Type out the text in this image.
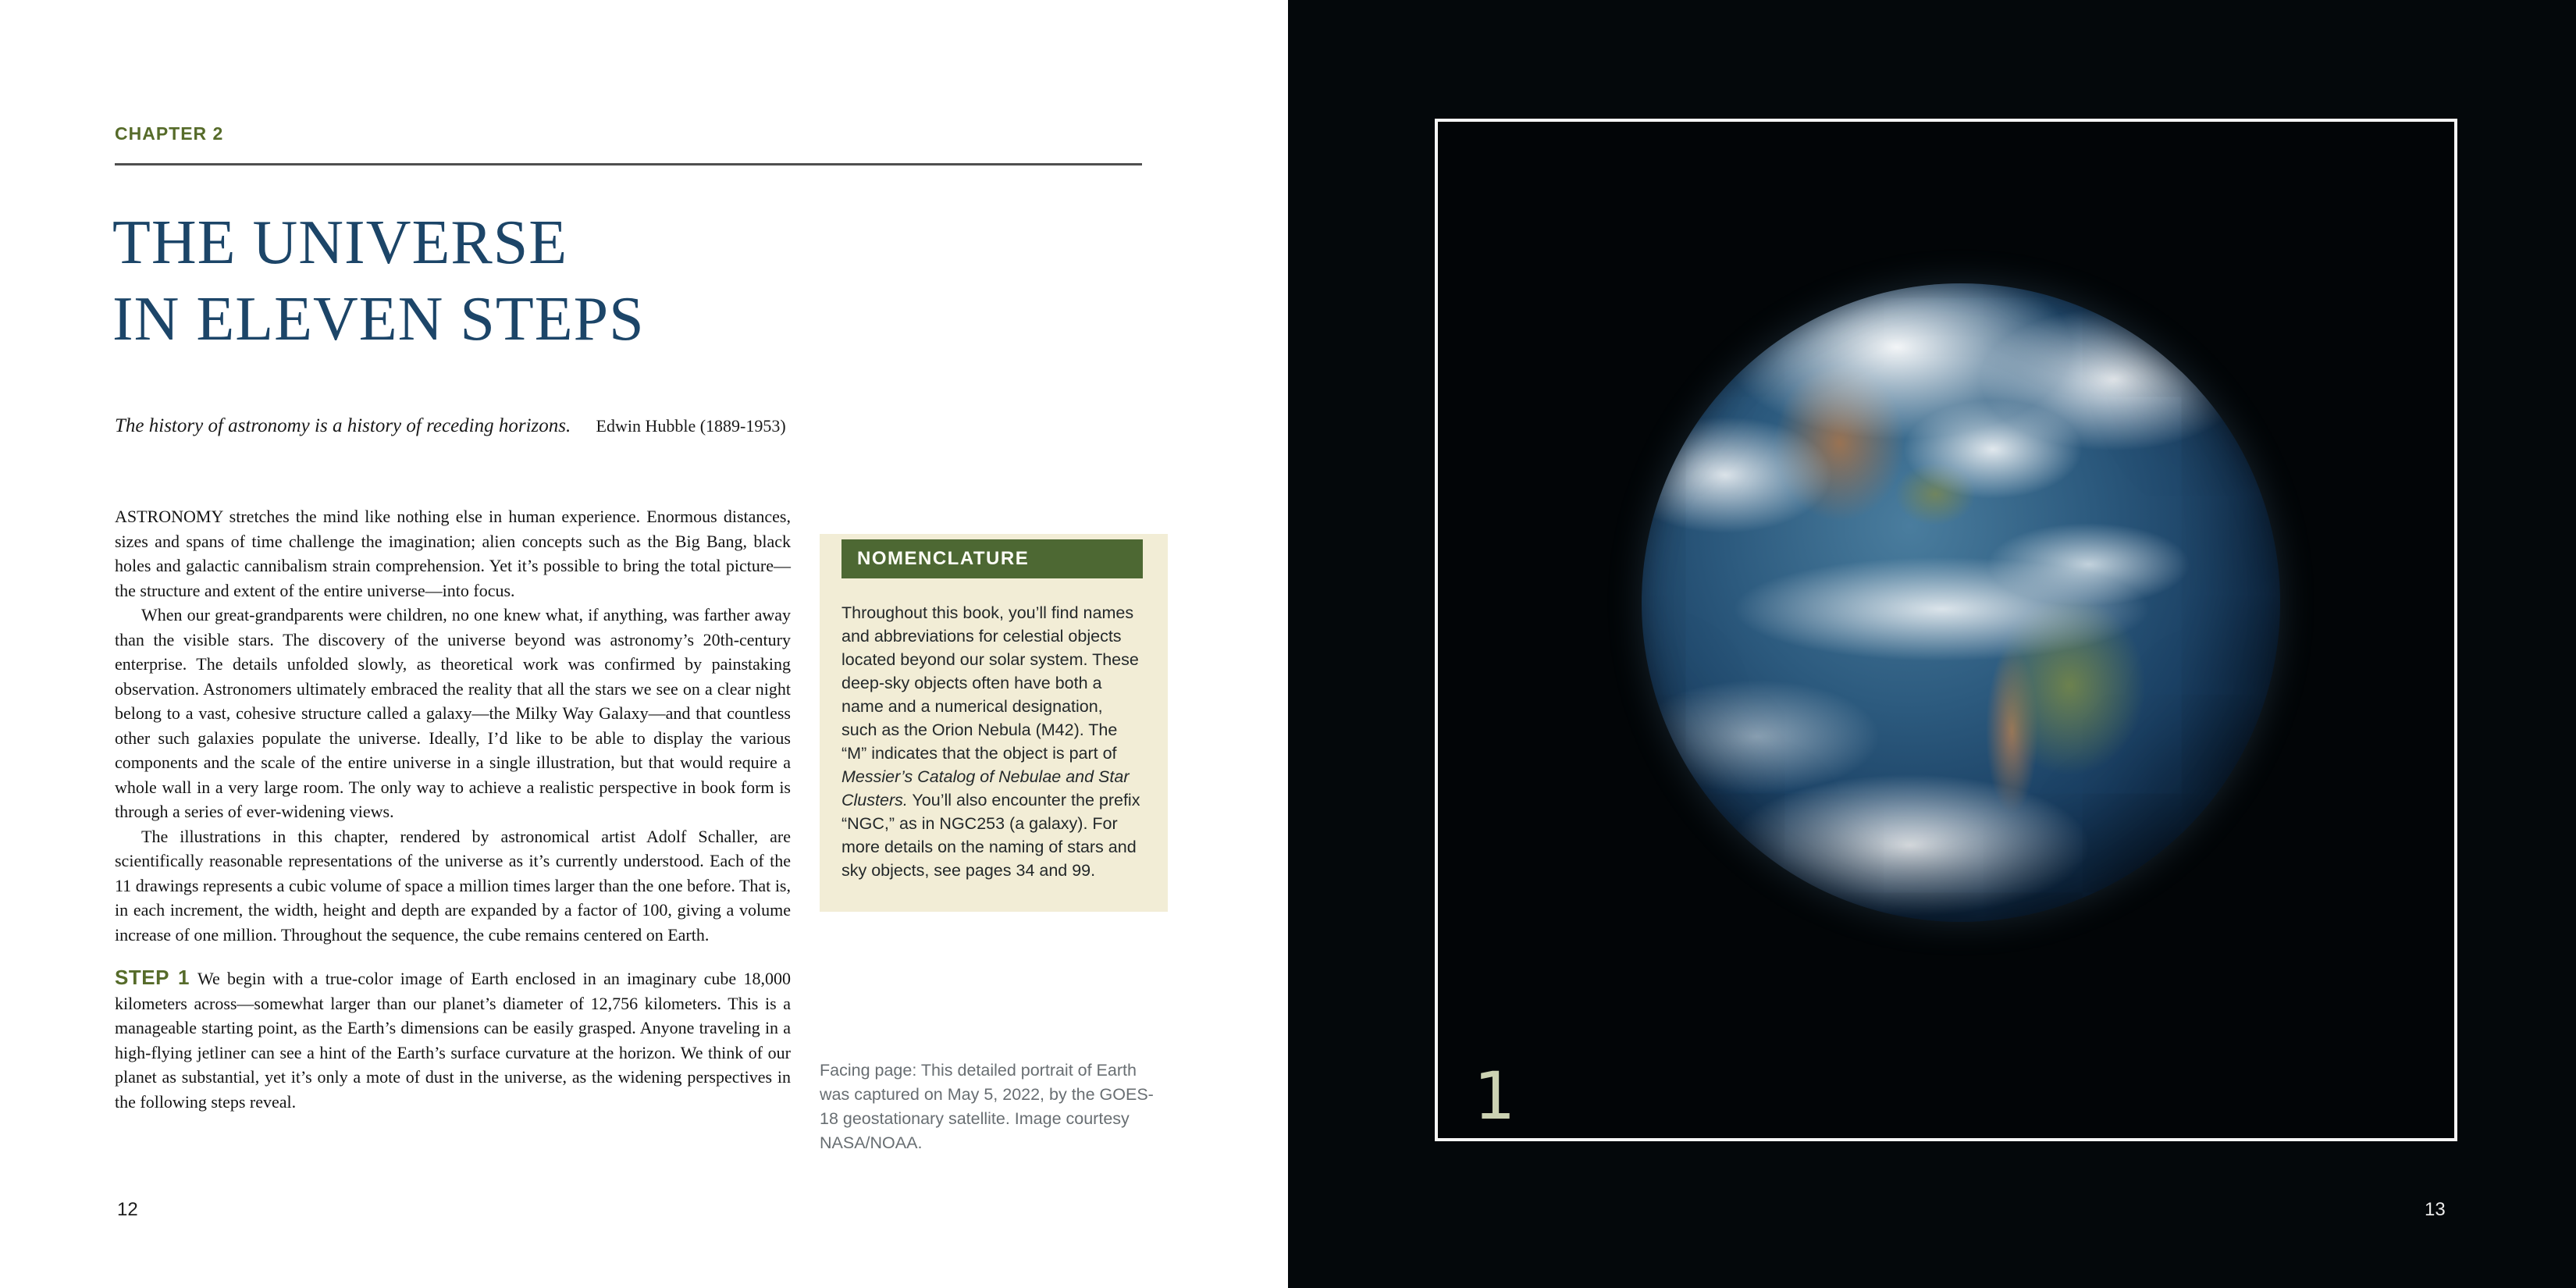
CHAPTER 2
THE UNIVERSE
IN ELEVEN STEPS
The history of astronomy is a history of receding horizons. Edwin Hubble (1889-1953)

ASTRONOMY stretches the mind like nothing else in human experience. Enormous distances, sizes and spans of time challenge the imagination; alien concepts such as the Big Bang, black holes and galactic cannibalism strain comprehension. Yet it’s possible to bring the total picture—the structure and extent of the entire universe—into focus.

When our great-grandparents were children, no one knew what, if anything, was farther away than the visible stars. The discovery of the universe beyond was astronomy’s 20th-century enterprise. The details unfolded slowly, as theoretical work was confirmed by painstaking observation. Astronomers ultimately embraced the reality that all the stars we see on a clear night belong to a vast, cohesive structure called a galaxy—the Milky Way Galaxy—and that countless other such galaxies populate the universe. Ideally, I’d like to be able to display the various components and the scale of the entire universe in a single illustration, but that would require a whole wall in a very large room. The only way to achieve a realistic perspective in book form is through a series of ever-widening views.

The illustrations in this chapter, rendered by astronomical artist Adolf Schaller, are scientifically reasonable representations of the universe as it’s currently understood. Each of the 11 drawings represents a cubic volume of space a million times larger than the one before. That is, in each increment, the width, height and depth are expanded by a factor of 100, giving a volume increase of one million. Throughout the sequence, the cube remains centered on Earth.

STEP 1 We begin with a true-color image of Earth enclosed in an imaginary cube 18,000 kilometers across—somewhat larger than our planet’s diameter of 12,756 kilometers. This is a manageable starting point, as the Earth’s dimensions can be easily grasped. Anyone traveling in a high-flying jetliner can see a hint of the Earth’s surface curvature at the horizon. We think of our planet as substantial, yet it’s only a mote of dust in the universe, as the widening perspectives in the following steps reveal.

NOMENCLATURE
Throughout this book, you’ll find names and abbreviations for celestial objects located beyond our solar system. These deep-sky objects often have both a name and a numerical designation, such as the Orion Nebula (M42). The “M” indicates that the object is part of Messier’s Catalog of Nebulae and Star Clusters. You’ll also encounter the prefix “NGC,” as in NGC253 (a galaxy). For more details on the naming of stars and sky objects, see pages 34 and 99.
Facing page: This detailed portrait of Earth was captured on May 5, 2022, by the GOES-18 geostationary satellite. Image courtesy NASA/NOAA.
12
1
13
